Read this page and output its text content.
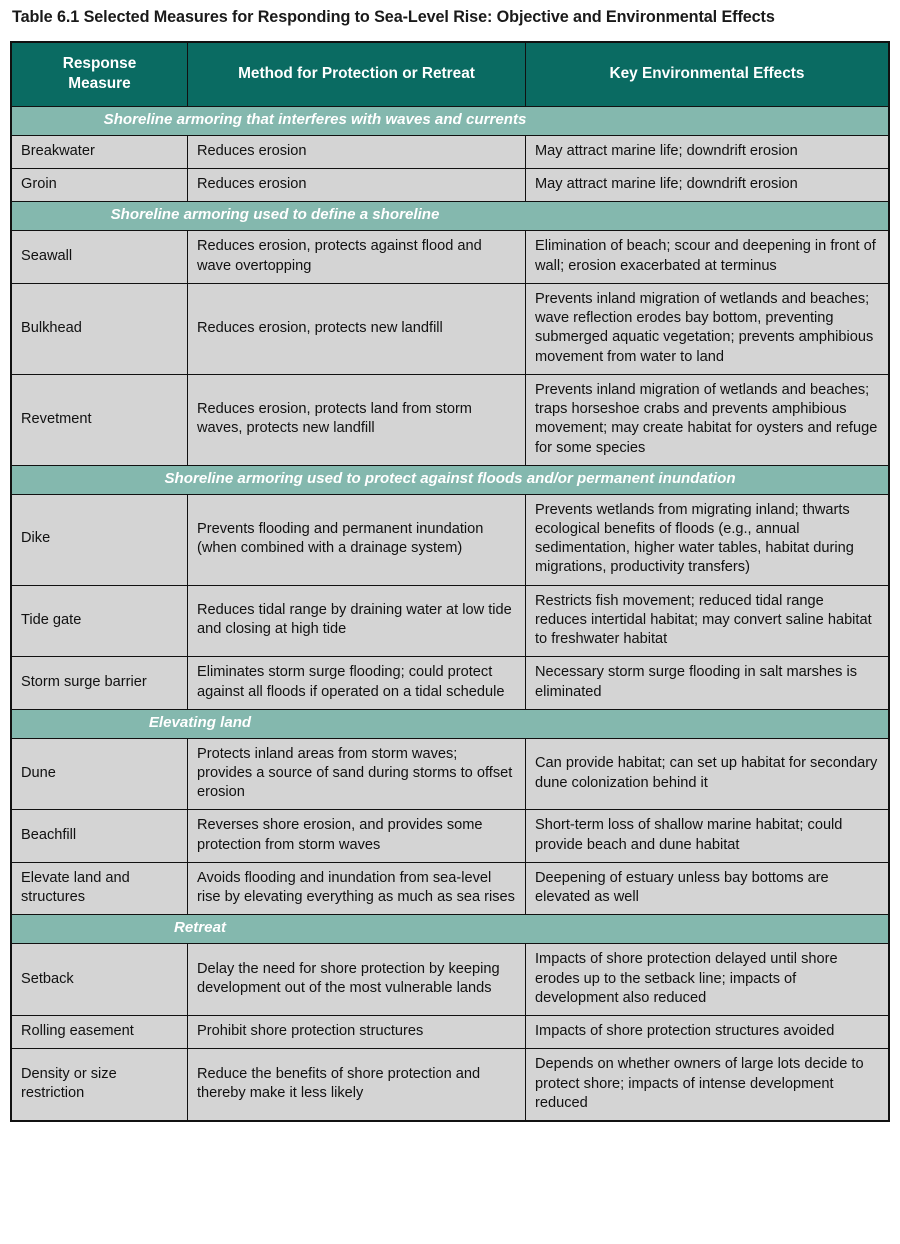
Table 6.1 Selected Measures for Responding to Sea-Level Rise: Objective and Environmental Effects
Response
Measure	Method for Protection or Retreat	Key Environmental Effects

Shoreline armoring that interferes with waves and currents		

Breakwater	Reduces erosion	May attract marine life; downdrift erosion
Groin	Reduces erosion	May attract marine life; downdrift erosion

Shoreline armoring used to define a shoreline		

Seawall	Reduces erosion, protects against flood and wave overtopping	Elimination of beach; scour and deepening in front of wall; erosion exacerbated at terminus
Bulkhead	Reduces erosion, protects new landfill	Prevents inland migration of wetlands and beaches; wave reflection erodes bay bottom, preventing submerged aquatic vegetation; prevents amphibious movement from water to land
Revetment	Reduces erosion, protects land from storm waves, protects new landfill	Prevents inland migration of wetlands and beaches; traps horseshoe crabs and prevents amphibious movement; may create habitat for oysters and refuge for some species

Shoreline armoring used to protect against floods and/or permanent inundation		

Dike	Prevents flooding and permanent inundation (when combined with a drainage system)	Prevents wetlands from migrating inland; thwarts ecological benefits of floods (e.g., annual sedimentation, higher water tables, habitat during migrations, productivity transfers)
Tide gate	Reduces tidal range by draining water at low tide and closing at high tide	Restricts fish movement; reduced tidal range reduces intertidal habitat; may convert saline habitat to freshwater habitat
Storm surge barrier	Eliminates storm surge flooding; could protect against all floods if operated on a tidal schedule	Necessary storm surge flooding in salt marshes is eliminated

Elevating land		

Dune	Protects inland areas from storm waves; provides a source of sand during storms to offset erosion	Can provide habitat; can set up habitat for secondary dune colonization behind it
Beachfill	Reverses shore erosion, and provides some protection from storm waves	Short-term loss of shallow marine habitat; could provide beach and dune habitat
Elevate land and structures	Avoids flooding and inundation from sea-level rise by elevating everything as much as sea rises	Deepening of estuary unless bay bottoms are elevated as well

Retreat		

Setback	Delay the need for shore protection by keeping development out of the most vulnerable lands	Impacts of shore protection delayed until shore erodes up to the setback line; impacts of development also reduced
Rolling easement	Prohibit shore protection structures	Impacts of shore protection structures avoided
Density or size restriction	Reduce the benefits of shore protection and thereby make it less likely	Depends on whether owners of large lots decide to protect shore; impacts of intense development reduced
